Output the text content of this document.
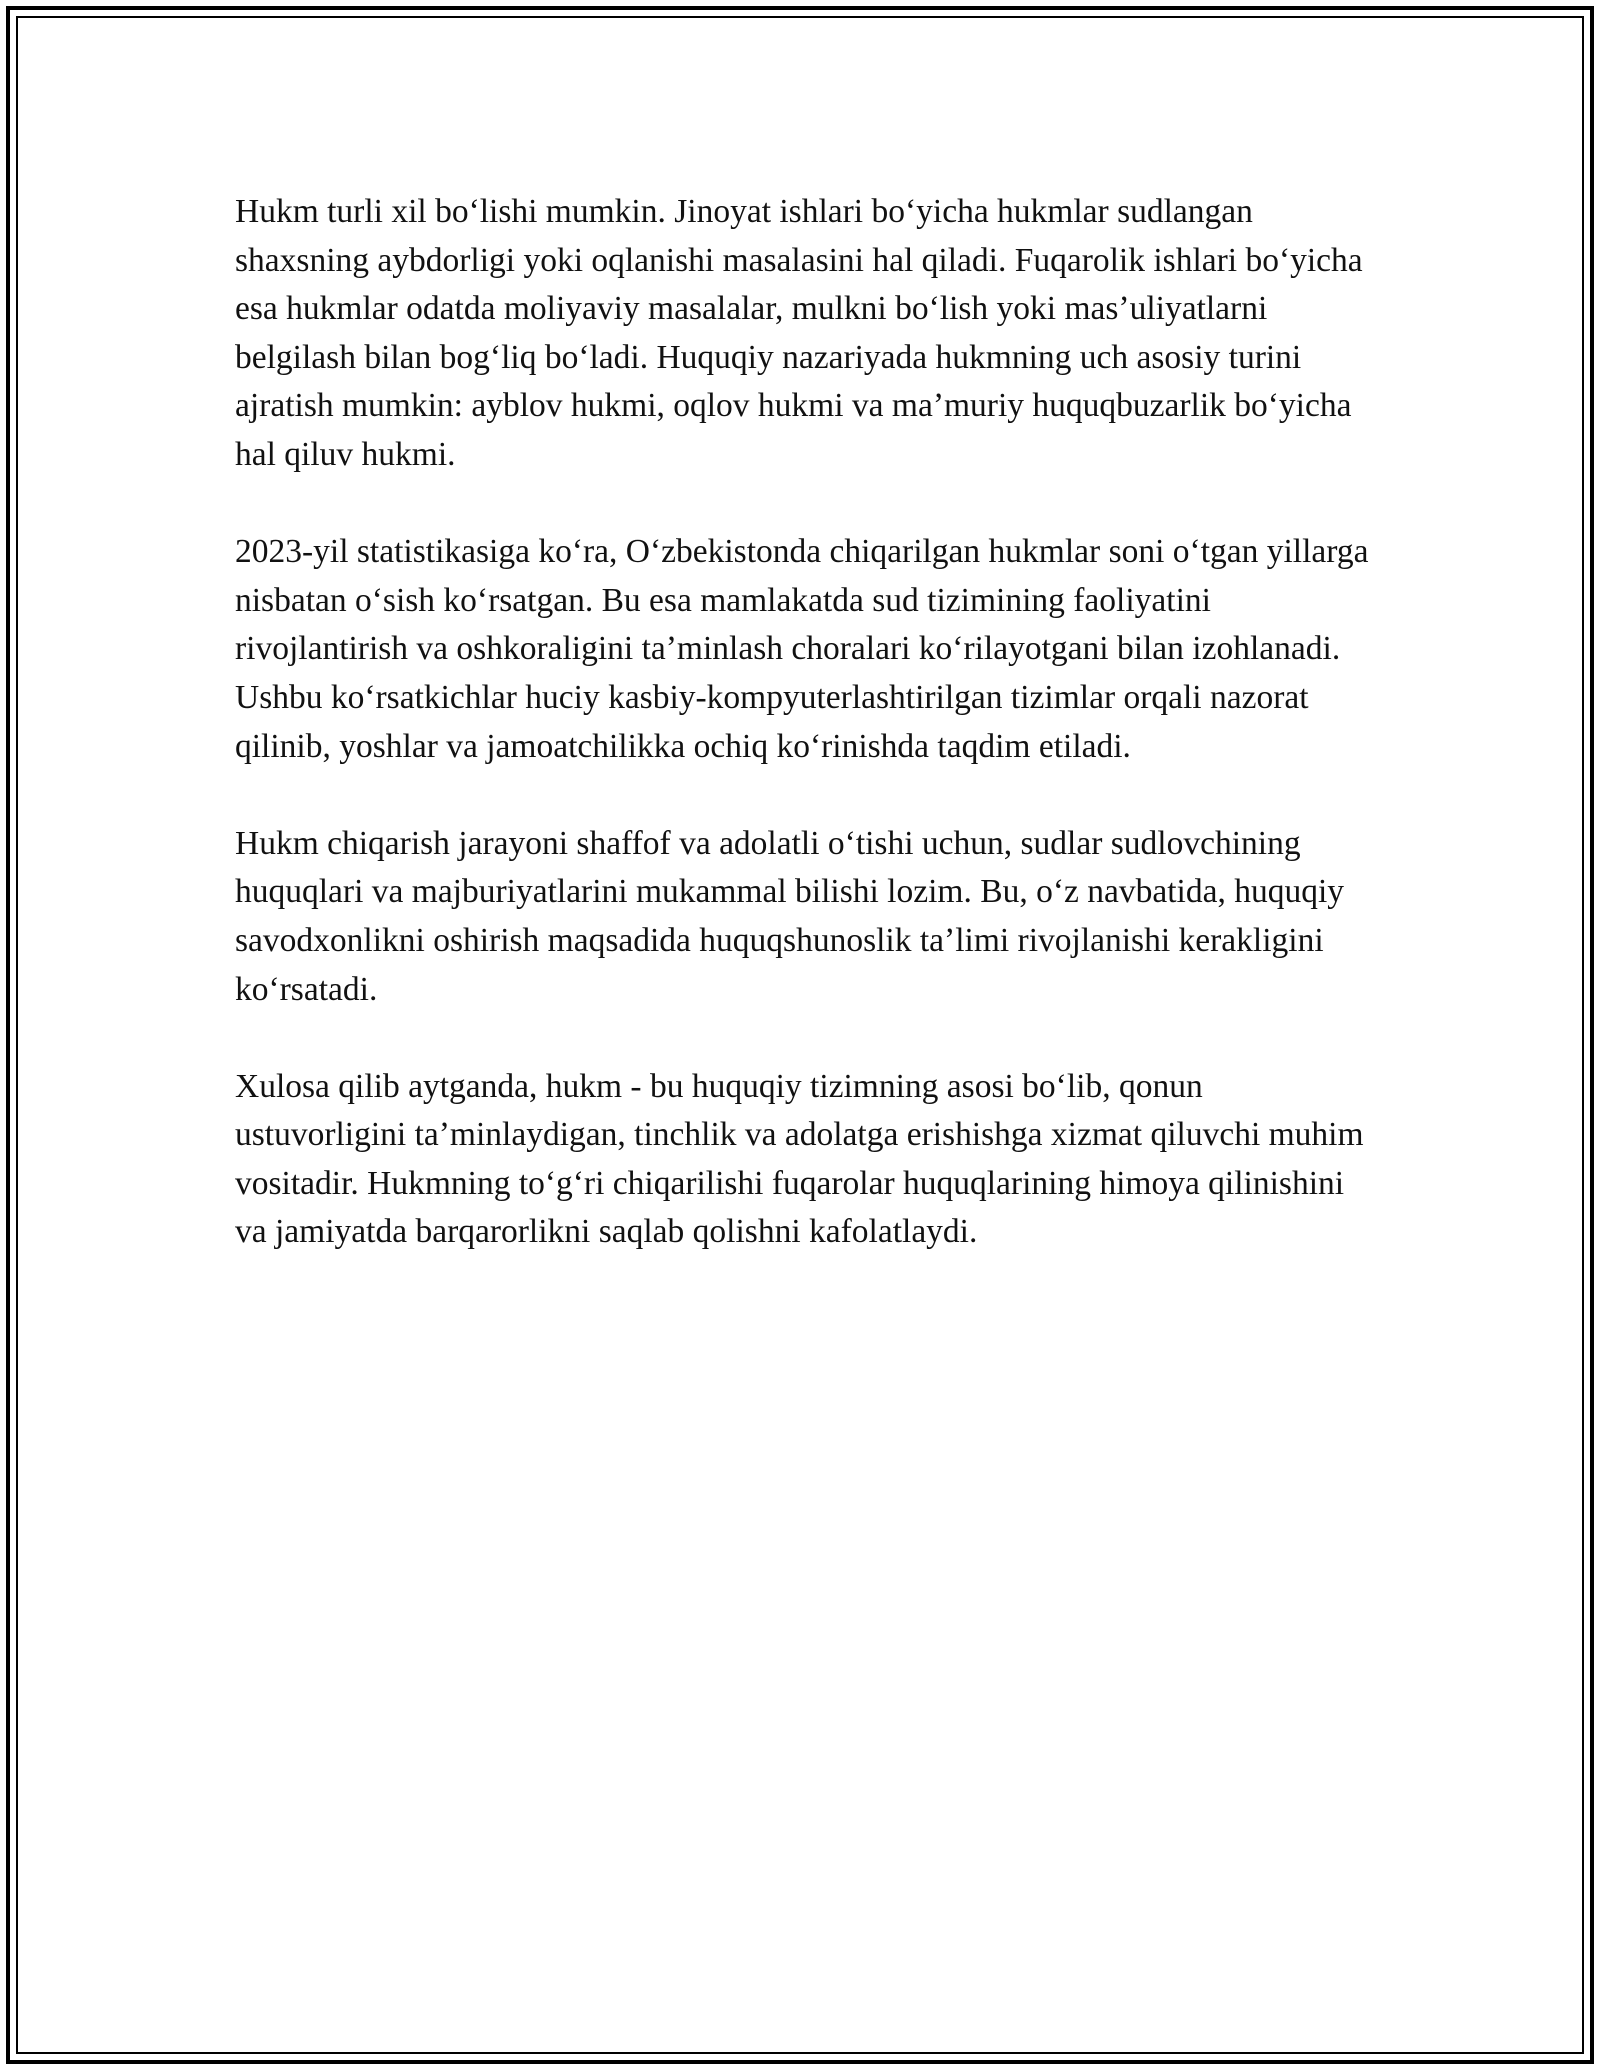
Hukm turli xil boʻlishi mumkin. Jinoyat ishlari boʻyicha hukmlar sudlangan shaxsning aybdorligi yoki oqlanishi masalasini hal qiladi. Fuqarolik ishlari boʻyicha esa hukmlar odatda moliyaviy masalalar, mulkni boʻlish yoki masʼuliyatlarni belgilash bilan bogʻliq boʻladi. Huquqiy nazariyada hukmning uch asosiy turini ajratish mumkin: ayblov hukmi, oqlov hukmi va maʼmuriy huquqbuzarlik boʻyicha hal qiluv hukmi.

2023-yil statistikasiga koʻra, Oʻzbekistonda chiqarilgan hukmlar soni oʻtgan yillarga nisbatan oʻsish koʻrsatgan. Bu esa mamlakatda sud tizimining faoliyatini rivojlantirish va oshkoraligini taʼminlash choralari koʻrilayotgani bilan izohlanadi. Ushbu koʻrsatkichlar huciy kasbiy-kompyuterlashtirilgan tizimlar orqali nazorat qilinib, yoshlar va jamoatchilikka ochiq koʻrinishda taqdim etiladi.

Hukm chiqarish jarayoni shaffof va adolatli oʻtishi uchun, sudlar sudlovchining huquqlari va majburiyatlarini mukammal bilishi lozim. Bu, oʻz navbatida, huquqiy savodxonlikni oshirish maqsadida huquqshunoslik taʼlimi rivojlanishi kerakligini koʻrsatadi.

Xulosa qilib aytganda, hukm - bu huquqiy tizimning asosi boʻlib, qonun ustuvorligini taʼminlaydigan, tinchlik va adolatga erishishga xizmat qiluvchi muhim vositadir. Hukmning toʻgʻri chiqarilishi fuqarolar huquqlarining himoya qilinishini va jamiyatda barqarorlikni saqlab qolishni kafolatlaydi.
